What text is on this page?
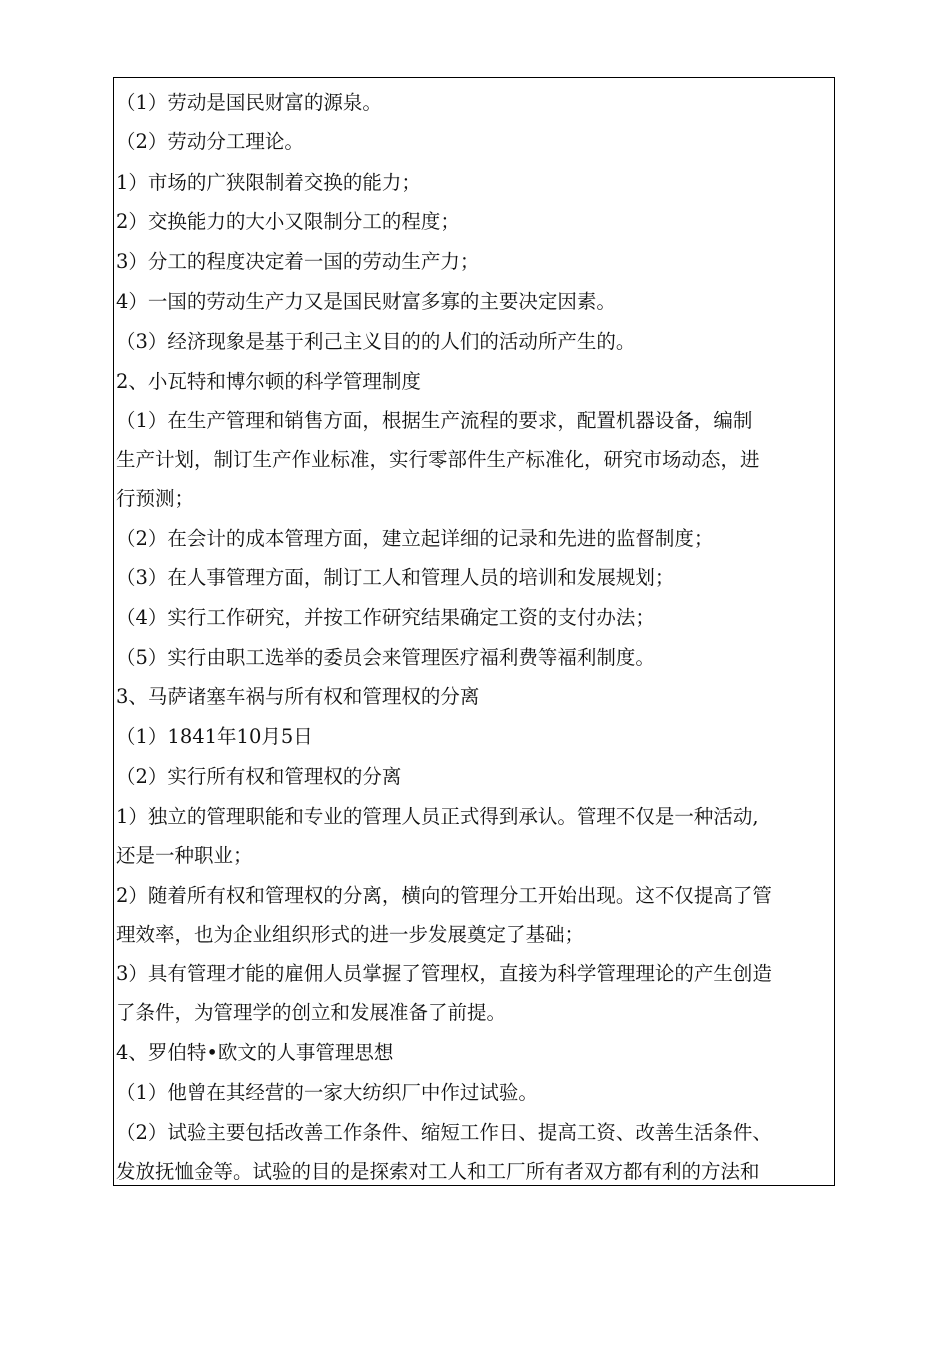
（1）劳动是国民财富的源泉。
（2）劳动分工理论。
1）市场的广狭限制着交换的能力；
2）交换能力的大小又限制分工的程度；
3）分工的程度决定着一国的劳动生产力；
4）一国的劳动生产力又是国民财富多寡的主要决定因素。
（3）经济现象是基于利己主义目的的人们的活动所产生的。
2、小瓦特和博尔顿的科学管理制度
（1）在生产管理和销售方面，根据生产流程的要求，配置机器设备，编制
生产计划，制订生产作业标准，实行零部件生产标准化，研究市场动态，进
行预测；
（2）在会计的成本管理方面，建立起详细的记录和先进的监督制度；
（3）在人事管理方面，制订工人和管理人员的培训和发展规划；
（4）实行工作研究，并按工作研究结果确定工资的支付办法；
（5）实行由职工选举的委员会来管理医疗福利费等福利制度。
3、马萨诸塞车祸与所有权和管理权的分离
（1）1841年10月5日
（2）实行所有权和管理权的分离
1）独立的管理职能和专业的管理人员正式得到承认。管理不仅是一种活动,
还是一种职业；
2）随着所有权和管理权的分离，横向的管理分工开始出现。这不仅提高了管
理效率，也为企业组织形式的进一步发展奠定了基础；
3）具有管理才能的雇佣人员掌握了管理权，直接为科学管理理论的产生创造
了条件，为管理学的创立和发展准备了前提。
4、罗伯特•欧文的人事管理思想
（1）他曾在其经营的一家大纺织厂中作过试验。
（2）试验主要包括改善工作条件、缩短工作日、提高工资、改善生活条件、
发放抚恤金等。试验的目的是探索对工人和工厂所有者双方都有利的方法和
